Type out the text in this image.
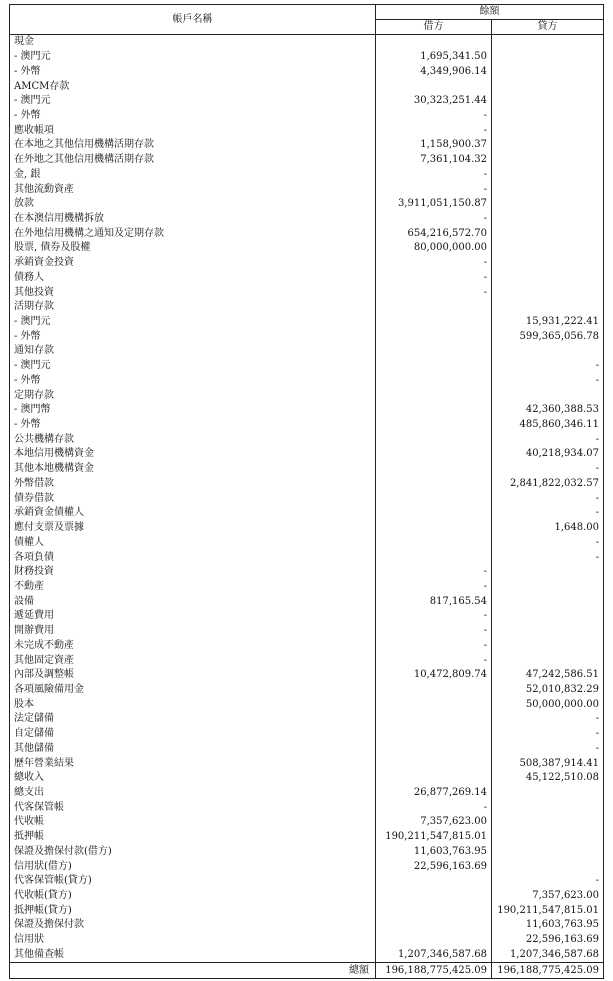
帳戶名稱	餘額	
	借方	貸方
現金		
- 澳門元	1,695,341.50	
- 外幣	4,349,906.14	
AMCM存款		
- 澳門元	30,323,251.44	
- 外幣	-	
應收帳項	-	
在本地之其他信用機構活期存款	1,158,900.37	
在外地之其他信用機構活期存款	7,361,104.32	
金, 銀	-	
其他流動資產	-	
放款	3,911,051,150.87	
在本澳信用機構拆放	-	
在外地信用機構之通知及定期存款	654,216,572.70	
股票, 債券及股權	80,000,000.00	
承銷資金投資	-	
債務人	-	
其他投資	-	
活期存款		
- 澳門元		15,931,222.41
- 外幣		599,365,056.78
通知存款		
- 澳門元		-
- 外幣		-
定期存款		
- 澳門幣		42,360,388.53
- 外幣		485,860,346.11
公共機構存款		-
本地信用機構資金		40,218,934.07
其他本地機構資金		-
外幣借款		2,841,822,032.57
債券借款		-
承銷資金債權人		-
應付支票及票據		1,648.00
債權人		-
各項負債		-
財務投資	-	
不動產	-	
設備	817,165.54	
遞延費用	-	
開辦費用	-	
未完成不動產	-	
其他固定資產	-	
內部及調整帳	10,472,809.74	47,242,586.51
各項風險備用金		52,010,832.29
股本		50,000,000.00
法定儲備		-
自定儲備		-
其他儲備		-
歷年營業結果		508,387,914.41
總收入		45,122,510.08
總支出	26,877,269.14	
代客保管帳	-	
代收帳	7,357,623.00	
抵押帳	190,211,547,815.01	
保證及擔保付款(借方)	11,603,763.95	
信用狀(借方)	22,596,163.69	
代客保管帳(貸方)		-
代收帳(貸方)		7,357,623.00
抵押帳(貸方)		190,211,547,815.01
保證及擔保付款		11,603,763.95
信用狀		22,596,163.69
其他備查帳	1,207,346,587.68	1,207,346,587.68
總額	196,188,775,425.09	196,188,775,425.09
